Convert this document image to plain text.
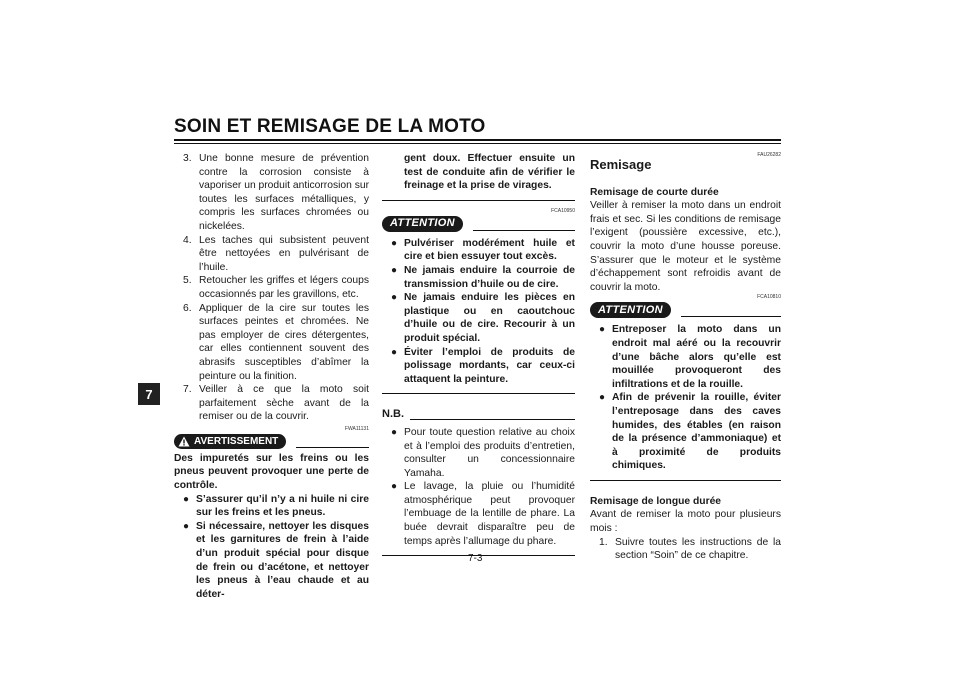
SOIN ET REMISAGE DE LA MOTO
7
3. Une bonne mesure de prévention contre la corrosion consiste à vaporiser un produit anticorrosion sur toutes les surfaces métalliques, y compris les surfaces chromées ou nickelées.
4. Les taches qui subsistent peuvent être nettoyées en pulvérisant de l’huile.
5. Retoucher les griffes et légers coups occasionnés par les gravillons, etc.
6. Appliquer de la cire sur toutes les surfaces peintes et chromées. Ne pas employer de cires détergentes, car elles contiennent souvent des abrasifs susceptibles d’abîmer la peinture ou la finition.
7. Veiller à ce que la moto soit parfaitement sèche avant de la remiser ou de la couvrir.
FWA11131
AVERTISSEMENT

Des impuretés sur les freins ou les pneus peuvent provoquer une perte de contrôle.

● S’assurer qu’il n’y a ni huile ni cire sur les freins et les pneus.
● Si nécessaire, nettoyer les disques et les garnitures de frein à l’aide d’un produit spécial pour disque de frein ou d’acétone, et nettoyer les pneus à l’eau chaude et au déter-
gent doux. Effectuer ensuite un test de conduite afin de vérifier le freinage et la prise de virages.
FCA10950
ATTENTION
● Pulvériser modérément huile et cire et bien essuyer tout excès.
● Ne jamais enduire la courroie de transmission d’huile ou de cire.
● Ne jamais enduire les pièces en plastique ou en caoutchouc d’huile ou de cire. Recourir à un produit spécial.
● Éviter l’emploi de produits de polissage mordants, car ceux-ci attaquent la peinture.
N.B.
● Pour toute question relative au choix et à l’emploi des produits d’entretien, consulter un concessionnaire Yamaha.
● Le lavage, la pluie ou l’humidité atmosphérique peut provoquer l’embuage de la lentille de phare. La buée devrait disparaître peu de temps après l’allumage du phare.
FAU26282

Remisage

Remisage de courte durée

Veiller à remiser la moto dans un endroit frais et sec. Si les conditions de remisage l’exigent (poussière excessive, etc.), couvrir la moto d’une housse poreuse. S’assurer que le moteur et le système d’échappement sont refroidis avant de couvrir la moto.

FCA10810
ATTENTION
● Entreposer la moto dans un endroit mal aéré ou la recouvrir d’une bâche alors qu’elle est mouillée provoqueront des infiltrations et de la rouille.
● Afin de prévenir la rouille, éviter l’entreposage dans des caves humides, des étables (en raison de la présence d’ammoniaque) et à proximité de produits chimiques.
Remisage de longue durée

Avant de remiser la moto pour plusieurs mois :

1. Suivre toutes les instructions de la section “Soin” de ce chapitre.
7-3
